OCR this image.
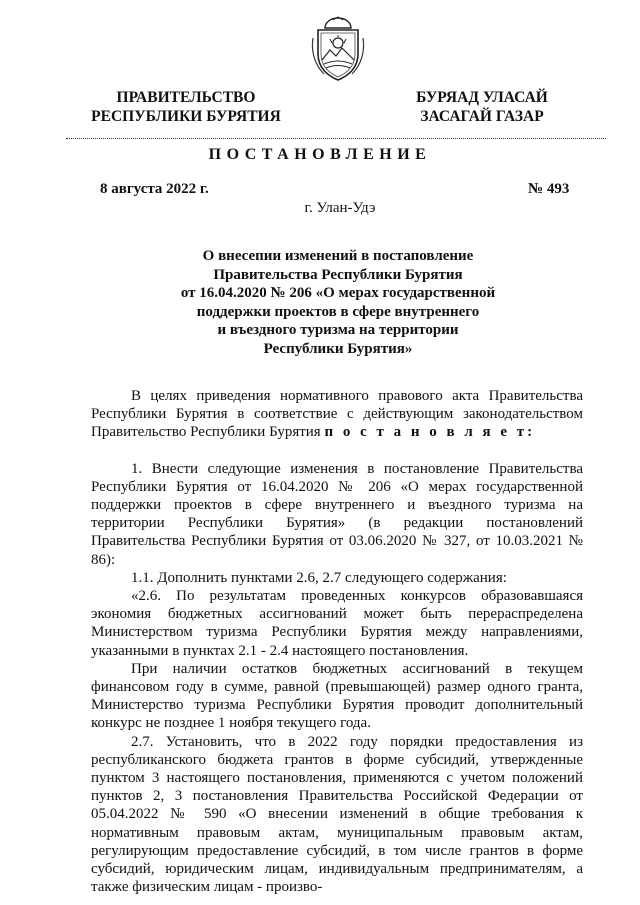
ПРАВИТЕЛЬСТВО
РЕСПУБЛИКИ БУРЯТИЯ
БУРЯАД УЛАСАЙ
ЗАСАГАЙ ГАЗАР
ПОСТАНОВЛЕНИЕ
8 августа 2022 г.	№ 493
г. Улан-Удэ
О внесепии изменений в постаповление
Правительства Республики Бурятия
от 16.04.2020 № 206 «О мерах государственной
поддержки проектов в сфере внутреннего
и въездного туризма на территории
Республики Бурятия»

В целях приведения нормативного правового акта Правительства Республики Бурятия в соответствие с действующим законодательством Правительство Республики Бурятия п о с т а н о в л я е т:

1. Внести следующие изменения в постановление Правительства Республики Бурятия от 16.04.2020 № 206 «О мерах государственной поддержки проектов в сфере внутреннего и въездного туризма на территории Республики Бурятия» (в редакции постановлений Правительства Республики Бурятия от 03.06.2020 № 327, от 10.03.2021 № 86):

1.1. Дополнить пунктами 2.6, 2.7 следующего содержания:

«2.6. По результатам проведенных конкурсов образовавшаяся экономия бюджетных ассигнований может быть перераспределена Министерством туризма Республики Бурятия между направлениями, указанными в пунктах 2.1 - 2.4 настоящего постановления.

При наличии остатков бюджетных ассигнований в текущем финансовом году в сумме, равной (превышающей) размер одного гранта, Министерство туризма Республики Бурятия проводит дополнительный конкурс не позднее 1 ноября текущего года.

2.7. Установить, что в 2022 году порядки предоставления из республиканского бюджета грантов в форме субсидий, утвержденные пунктом 3 настоящего постановления, применяются с учетом положений пунктов 2, 3 постановления Правительства Российской Федерации от 05.04.2022 № 590 «О внесении изменений в общие требования к нормативным правовым актам, муниципальным правовым актам, регулирующим предоставление субсидий, в том числе грантов в форме субсидий, юридическим лицам, индивидуальным предпринимателям, а также физическим лицам - произво-
